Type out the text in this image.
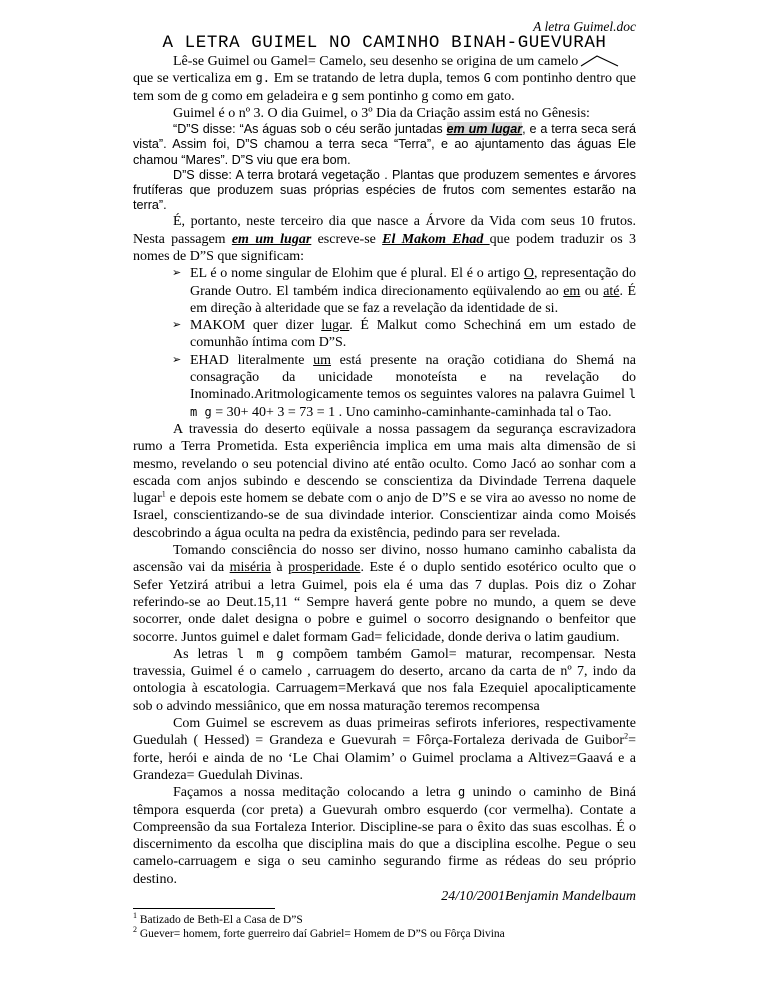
A letra Guimel.doc
A LETRA GUIMEL NO CAMINHO BINAH-GUEVURAH

Lê-se Guimel ou Gamel= Camelo, seu desenho se origina de um camelo
que se verticaliza em g. Em se tratando de letra dupla, temos G com pontinho dentro que tem som de g como em geladeira e g sem pontinho g como em gato.

Guimel é o nº 3. O dia Guimel, o 3º Dia da Criação assim está no Gênesis:

“D”S disse: “As águas sob o céu serão juntadas em um lugar, e a terra seca será vista”. Assim foi, D”S chamou a terra seca “Terra”, e ao ajuntamento das águas Ele chamou “Mares”. D”S viu que era bom.

D”S disse: A terra brotará vegetação . Plantas que produzem sementes e árvores frutíferas que produzem suas próprias espécies de frutos com sementes estarão na terra”.

É, portanto, neste terceiro dia que nasce a Árvore da Vida com seus 10 frutos. Nesta passagem em um lugar escreve-se El Makom Ehad que podem traduzir os 3 nomes de D”S que significam:

➢ EL é o nome singular de Elohim que é plural. El é o artigo O, representação do Grande Outro. El também indica direcionamento eqüivalendo ao em ou até. É em direção à alteridade que se faz a revelação da identidade de si.
➢ MAKOM quer dizer lugar. É Malkut como Schechiná em um estado de comunhão íntima com D”S.
➢ EHAD literalmente um está presente na oração cotidiana do Shemá na consagração da unicidade monoteísta e na revelação do Inominado.Aritmologicamente temos os seguintes valores na palavra Guimel l m g = 30+ 40+ 3 = 73 = 1 . Uno caminho-caminhante-caminhada tal o Tao.

A travessia do deserto eqüivale a nossa passagem da segurança escravizadora rumo a Terra Prometida. Esta experiência implica em uma mais alta dimensão de si mesmo, revelando o seu potencial divino até então oculto. Como Jacó ao sonhar com a escada com anjos subindo e descendo se conscientiza da Divindade Terrena daquele lugar$^1$ e depois este homem se debate com o anjo de D”S e se vira ao avesso no nome de Israel, conscientizando-se de sua divindade interior. Conscientizar ainda como Moisés descobrindo a água oculta na pedra da existência, pedindo para ser revelada.

Tomando consciência do nosso ser divino, nosso humano caminho cabalista da ascensão vai da miséria à prosperidade. Este é o duplo sentido esotérico oculto que o Sefer Yetzirá atribui a letra Guimel, pois ela é uma das 7 duplas. Pois diz o Zohar referindo-se ao Deut.15,11 “ Sempre haverá gente pobre no mundo, a quem se deve socorrer, onde dalet designa o pobre e guimel o socorro designando o benfeitor que socorre. Juntos guimel e dalet formam Gad= felicidade, donde deriva o latim gaudium.

As letras l m g compõem também Gamol= maturar, recompensar. Nesta travessia, Guimel é o camelo , carruagem do deserto, arcano da carta de nº 7, indo da ontologia à escatologia. Carruagem=Merkavá que nos fala Ezequiel apocalipticamente sob o advindo messiânico, que em nossa maturação teremos recompensa

Com Guimel se escrevem as duas primeiras sefirots inferiores, respectivamente Guedulah ( Hessed) = Grandeza e Guevurah = Fôrça-Fortaleza derivada de Guibor$^2$= forte, herói e ainda de no ‘Le Chai Olamim’ o Guimel proclama a Altivez=Gaavá e a Grandeza= Guedulah Divinas.

Façamos a nossa meditação colocando a letra g unindo o caminho de Biná têmpora esquerda (cor preta) a Guevurah ombro esquerdo (cor vermelha). Contate a Compreensão da sua Fortaleza Interior. Discipline-se para o êxito das suas escolhas. É o discernimento da escolha que disciplina mais do que a disciplina escolhe. Pegue o seu camelo-carruagem e siga o seu caminho segurando firme as rédeas do seu próprio destino.

24/10/2001Benjamin Mandelbaum
$^1$ Batizado de Beth-El a Casa de D”S
$^2$ Guever= homem, forte guerreiro daí Gabriel= Homem de D”S ou Fôrça Divina
